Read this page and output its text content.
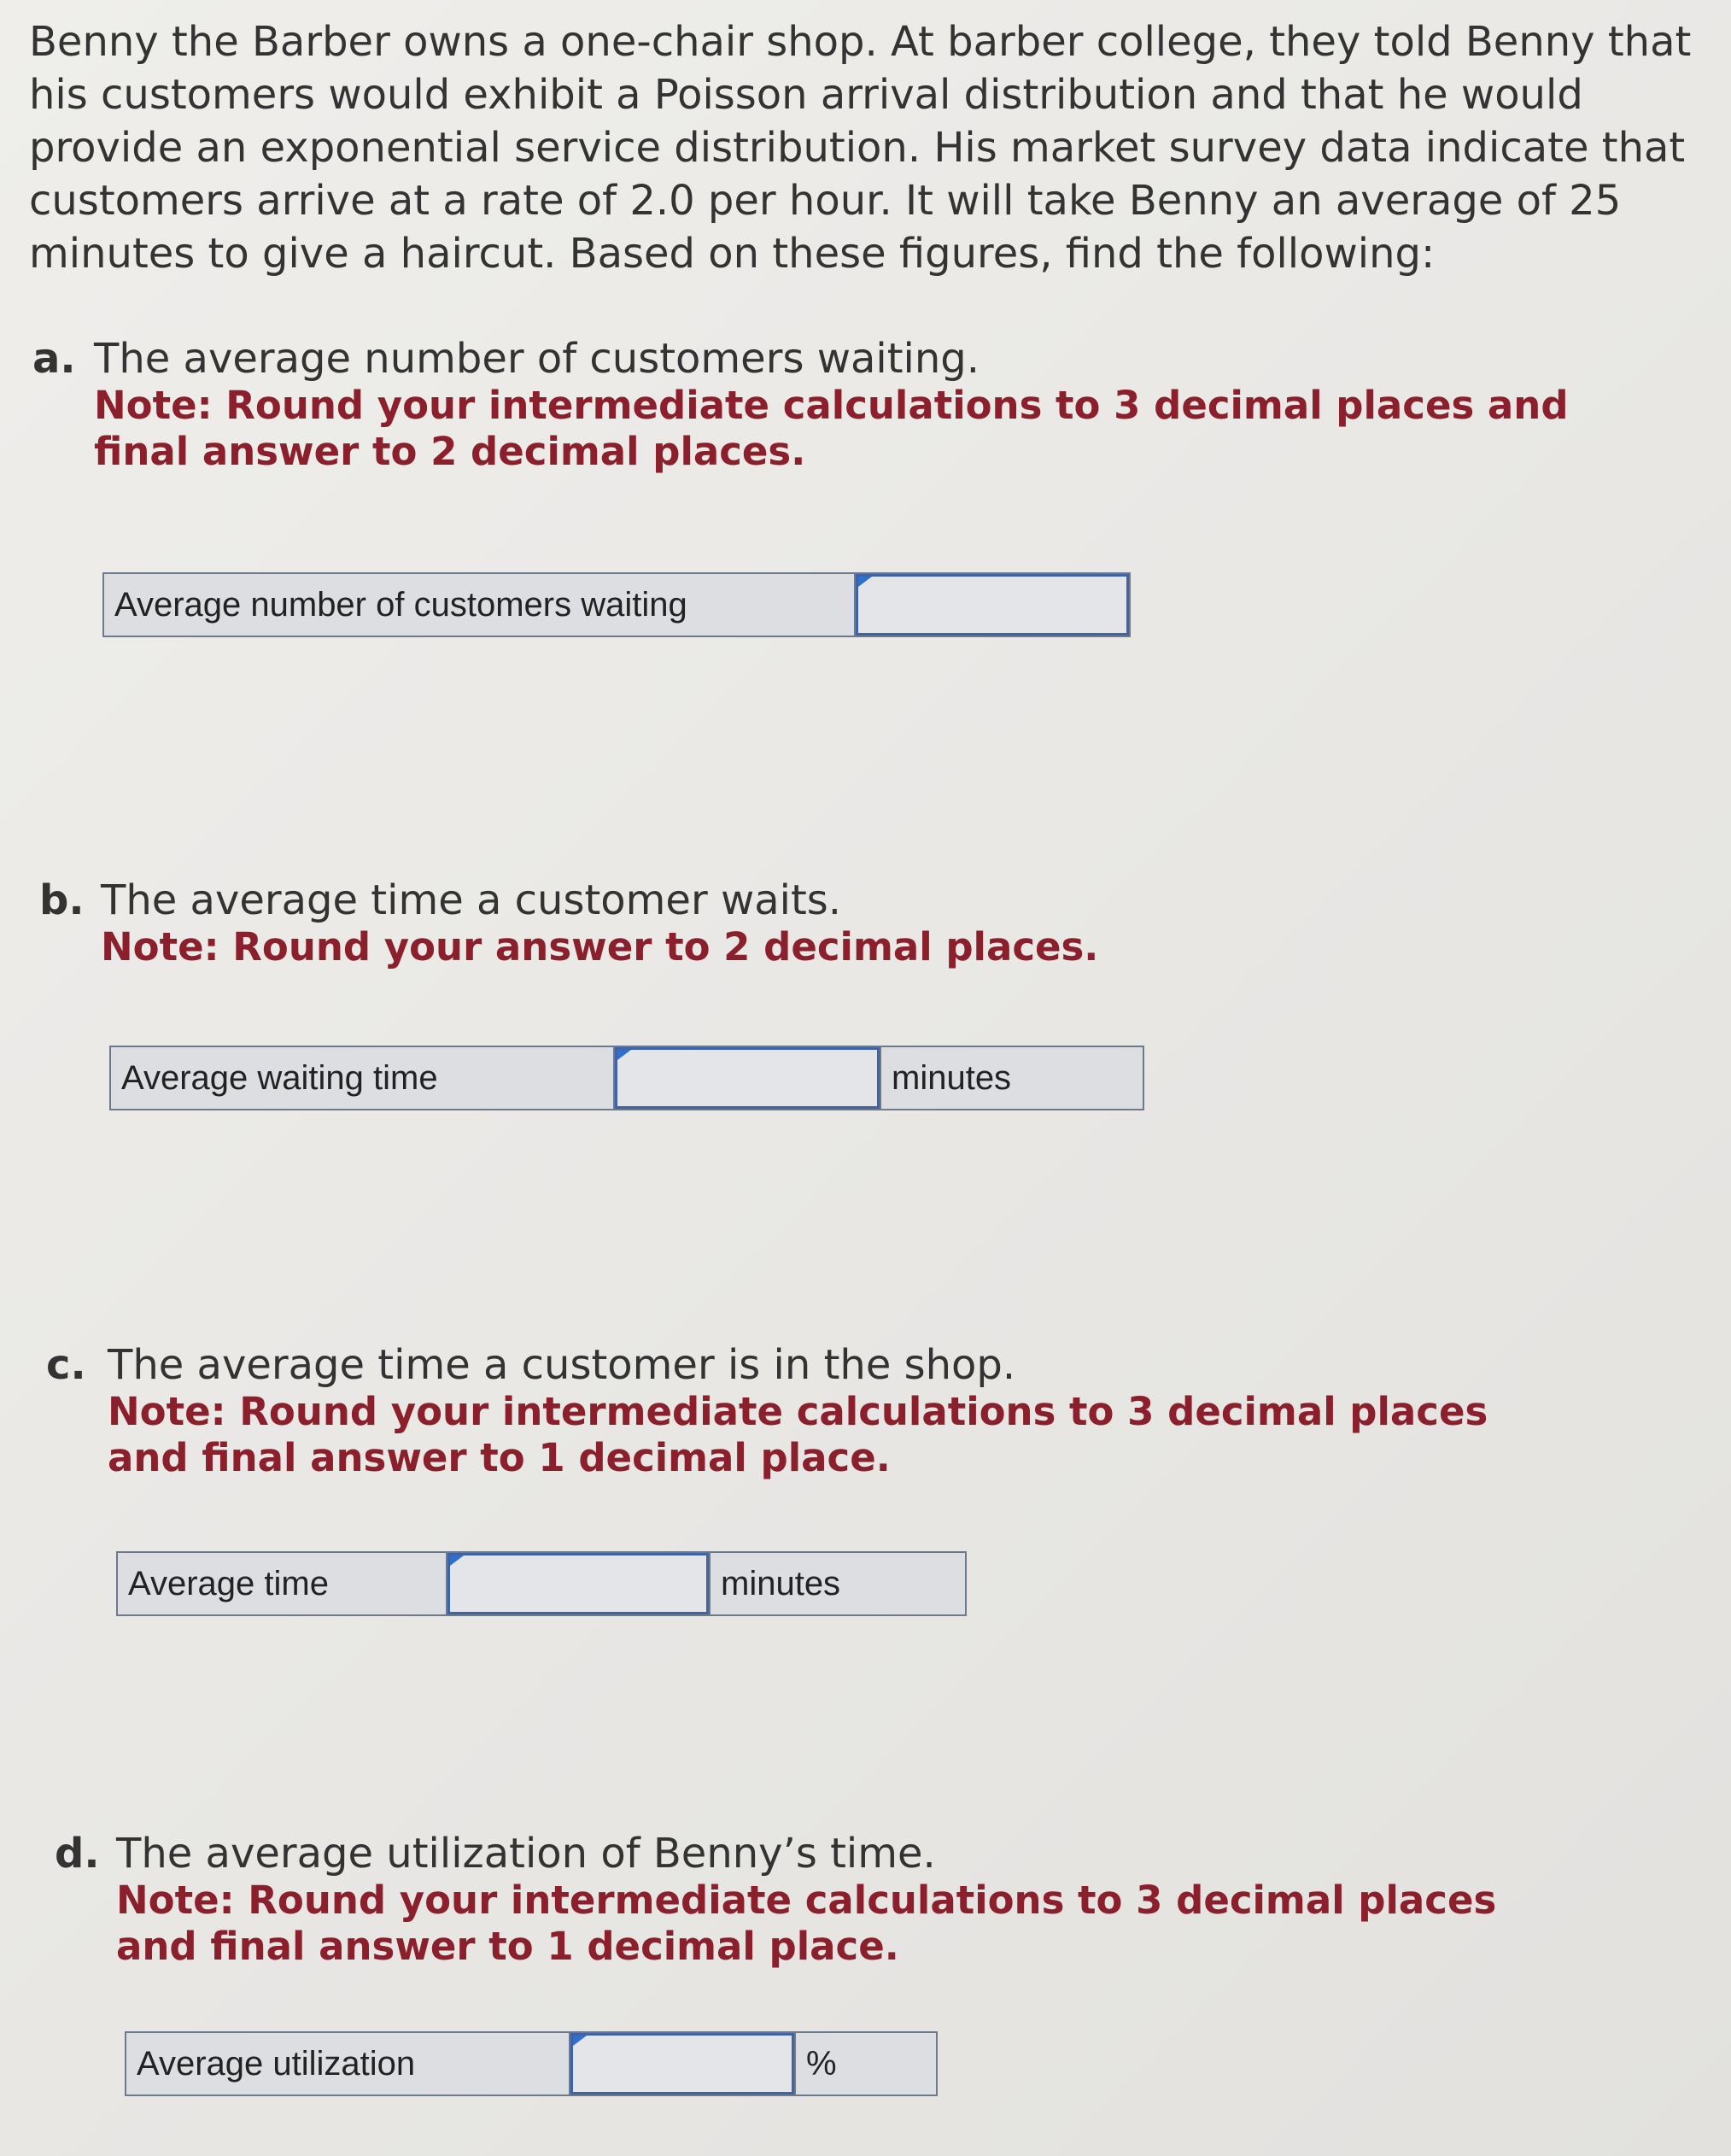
Benny the Barber owns a one-chair shop. At barber college, they told Benny that his customers would exhibit a Poisson arrival distribution and that he would provide an exponential service distribution. His market survey data indicate that customers arrive at a rate of 2.0 per hour. It will take Benny an average of 25 minutes to give a haircut. Based on these figures, find the following:
a. The average number of customers waiting.
Note: Round your intermediate calculations to 3 decimal places and final answer to 2 decimal places.
Average number of customers waiting
b. The average time a customer waits.
Note: Round your answer to 2 decimal places.
Average waiting time	minutes
c. The average time a customer is in the shop.
Note: Round your intermediate calculations to 3 decimal places and final answer to 1 decimal place.
Average time	minutes
d. The average utilization of Benny’s time.
Note: Round your intermediate calculations to 3 decimal places and final answer to 1 decimal place.
Average utilization	%
